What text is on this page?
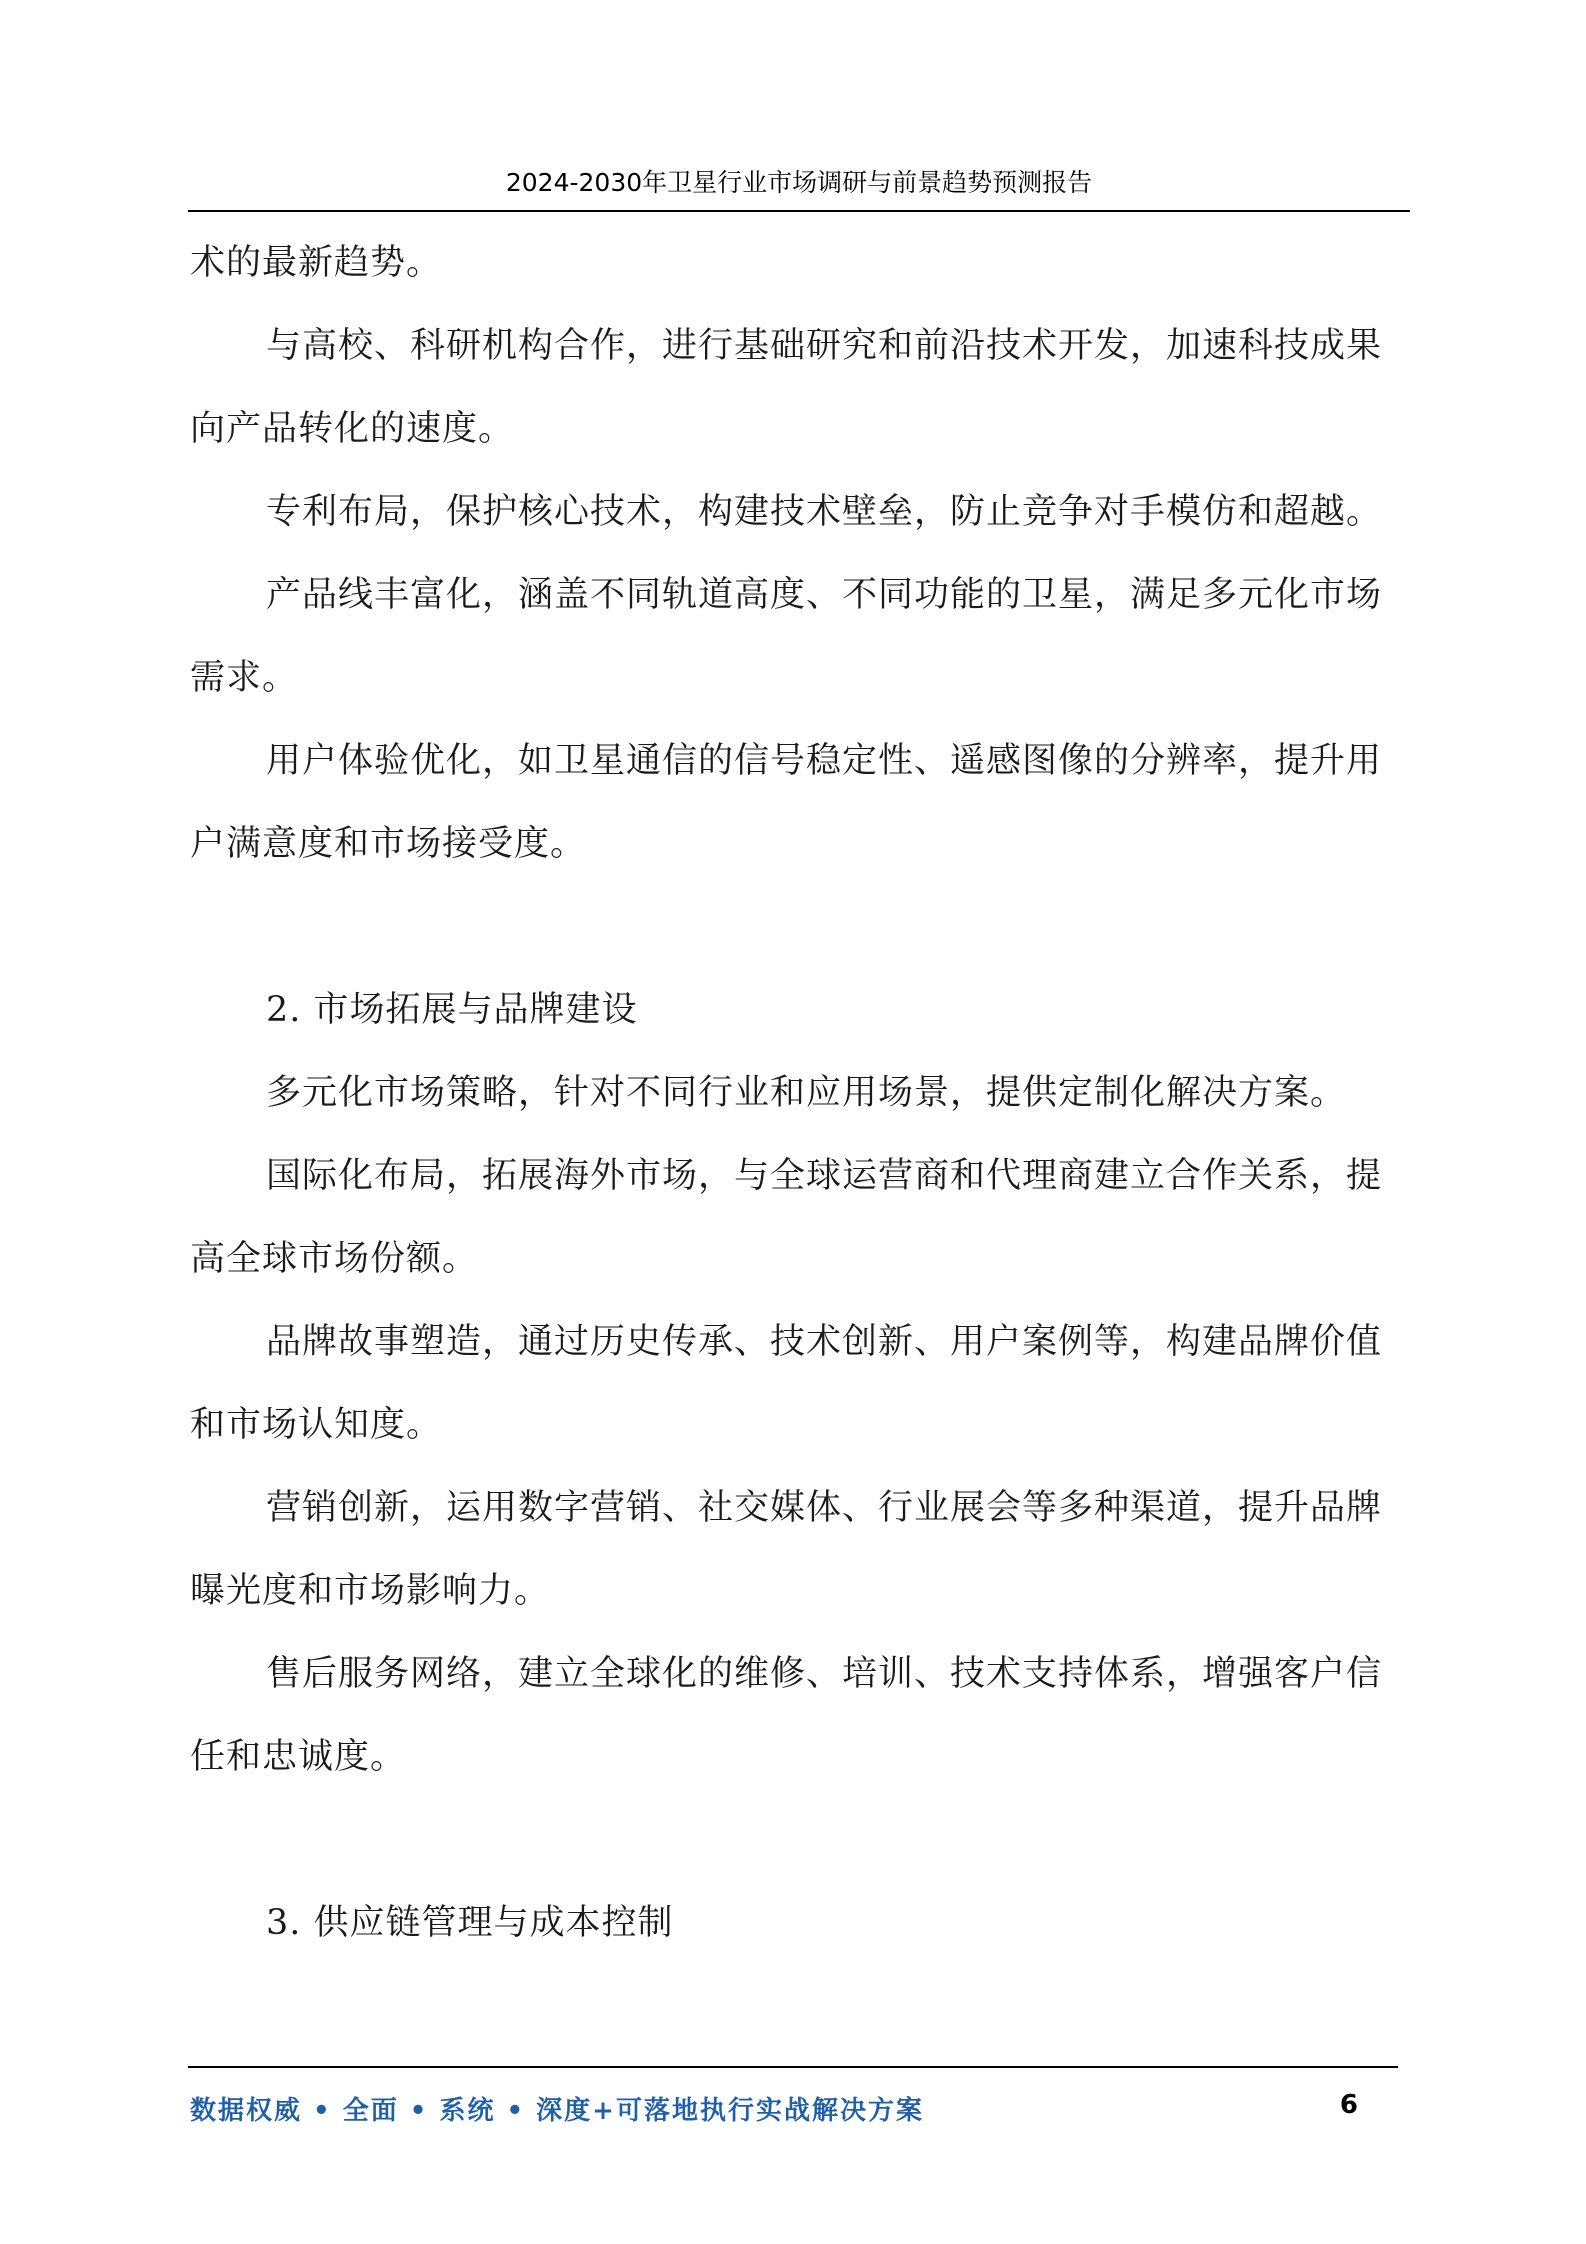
2024-2030年卫星行业市场调研与前景趋势预测报告

术的最新趋势。

与高校、科研机构合作，进行基础研究和前沿技术开发，加速科技成果向产品转化的速度。

专利布局，保护核心技术，构建技术壁垒，防止竞争对手模仿和超越。

产品线丰富化，涵盖不同轨道高度、不同功能的卫星，满足多元化市场需求。

用户体验优化，如卫星通信的信号稳定性、遥感图像的分辨率，提升用户满意度和市场接受度。

2. 市场拓展与品牌建设

多元化市场策略，针对不同行业和应用场景，提供定制化解决方案。

国际化布局，拓展海外市场，与全球运营商和代理商建立合作关系，提高全球市场份额。

品牌故事塑造，通过历史传承、技术创新、用户案例等，构建品牌价值和市场认知度。

营销创新，运用数字营销、社交媒体、行业展会等多种渠道，提升品牌曝光度和市场影响力。

售后服务网络，建立全球化的维修、培训、技术支持体系，增强客户信任和忠诚度。

3. 供应链管理与成本控制

数据权威 • 全面 • 系统 • 深度+可落地执行实战解决方案	6
